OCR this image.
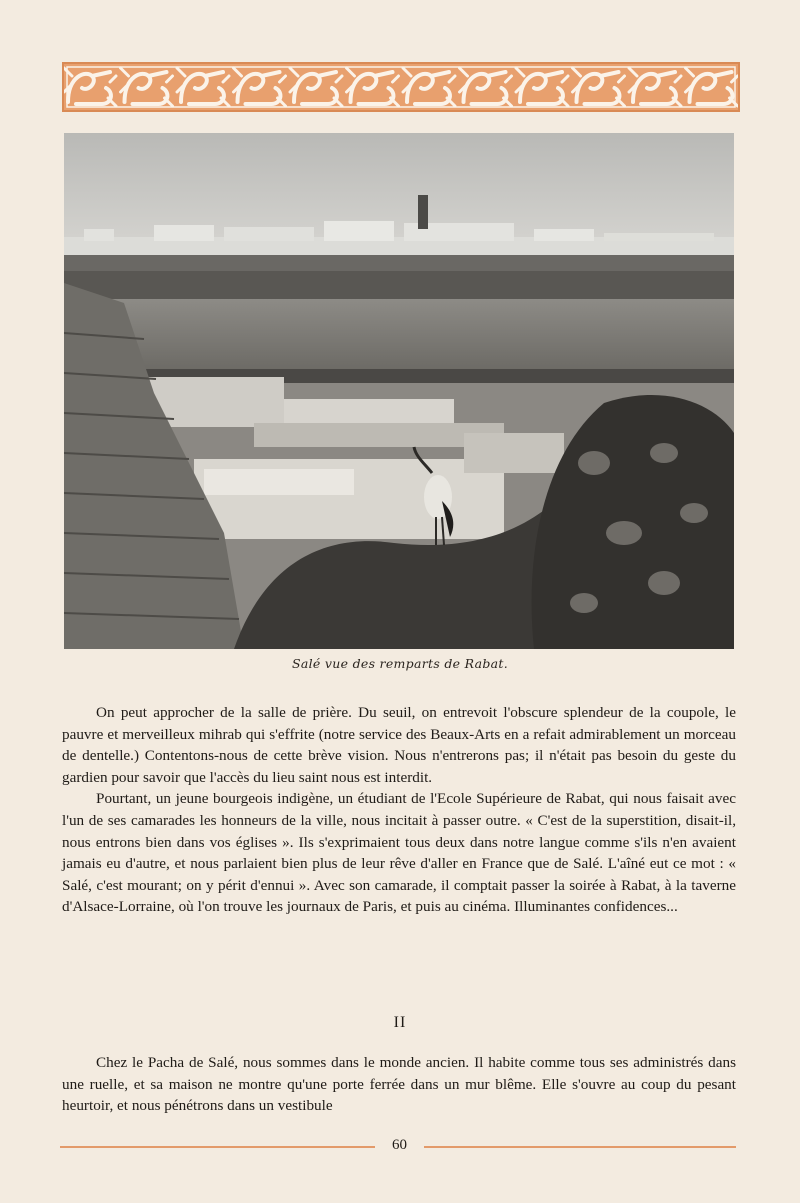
Salé vue des remparts de Rabat.

On peut approcher de la salle de prière. Du seuil, on entrevoit l'obscure splendeur de la coupole, le pauvre et merveilleux mihrab qui s'effrite (notre service des Beaux-Arts en a refait admirablement un morceau de dentelle.) Contentons-nous de cette brève vision. Nous n'entrerons pas; il n'était pas besoin du geste du gardien pour savoir que l'accès du lieu saint nous est interdit.

Pourtant, un jeune bourgeois indigène, un étudiant de l'Ecole Supérieure de Rabat, qui nous faisait avec l'un de ses camarades les honneurs de la ville, nous incitait à passer outre. « C'est de la superstition, disait-il, nous entrons bien dans vos églises ». Ils s'exprimaient tous deux dans notre langue comme s'ils n'en avaient jamais eu d'autre, et nous parlaient bien plus de leur rêve d'aller en France que de Salé. L'aîné eut ce mot : « Salé, c'est mourant; on y périt d'ennui ». Avec son camarade, il comptait passer la soirée à Rabat, à la taverne d'Alsace-Lorraine, où l'on trouve les journaux de Paris, et puis au cinéma. Illuminantes confidences...

II

Chez le Pacha de Salé, nous sommes dans le monde ancien. Il habite comme tous ses administrés dans une ruelle, et sa maison ne montre qu'une porte ferrée dans un mur blême. Elle s'ouvre au coup du pesant heurtoir, et nous pénétrons dans un vestibule

60
